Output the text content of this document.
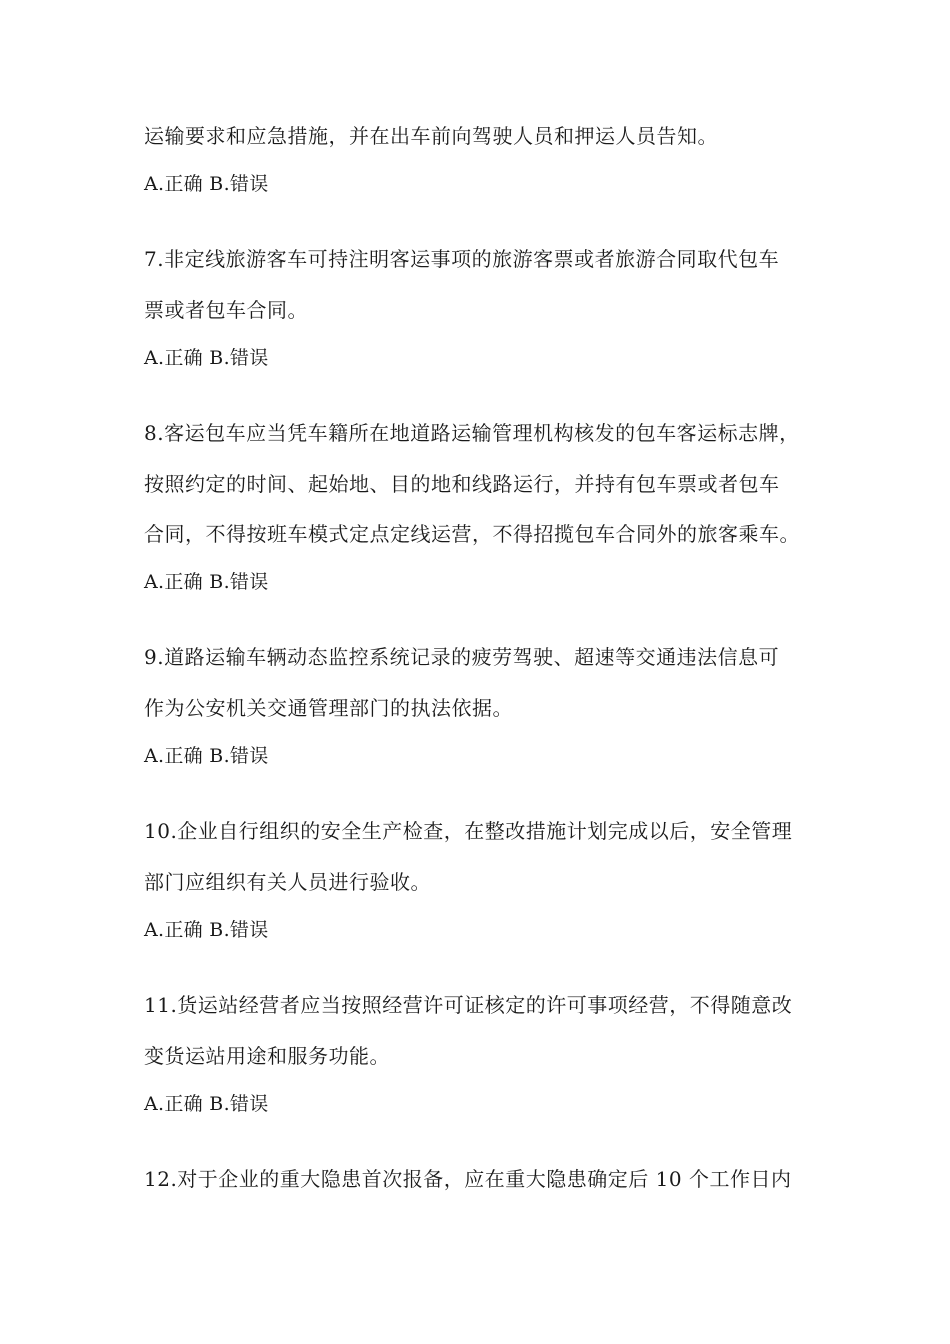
运输要求和应急措施，并在出车前向驾驶人员和押运人员告知。
A.正确 B.错误
7.非定线旅游客车可持注明客运事项的旅游客票或者旅游合同取代包车
票或者包车合同。
A.正确 B.错误
8.客运包车应当凭车籍所在地道路运输管理机构核发的包车客运标志牌，
按照约定的时间、起始地、目的地和线路运行，并持有包车票或者包车
合同，不得按班车模式定点定线运营，不得招揽包车合同外的旅客乘车。
A.正确 B.错误
9.道路运输车辆动态监控系统记录的疲劳驾驶、超速等交通违法信息可
作为公安机关交通管理部门的执法依据。
A.正确 B.错误
10.企业自行组织的安全生产检查，在整改措施计划完成以后，安全管理
部门应组织有关人员进行验收。
A.正确 B.错误
11.货运站经营者应当按照经营许可证核定的许可事项经营，不得随意改
变货运站用途和服务功能。
A.正确 B.错误
12.对于企业的重大隐患首次报备，应在重大隐患确定后 10 个工作日内
